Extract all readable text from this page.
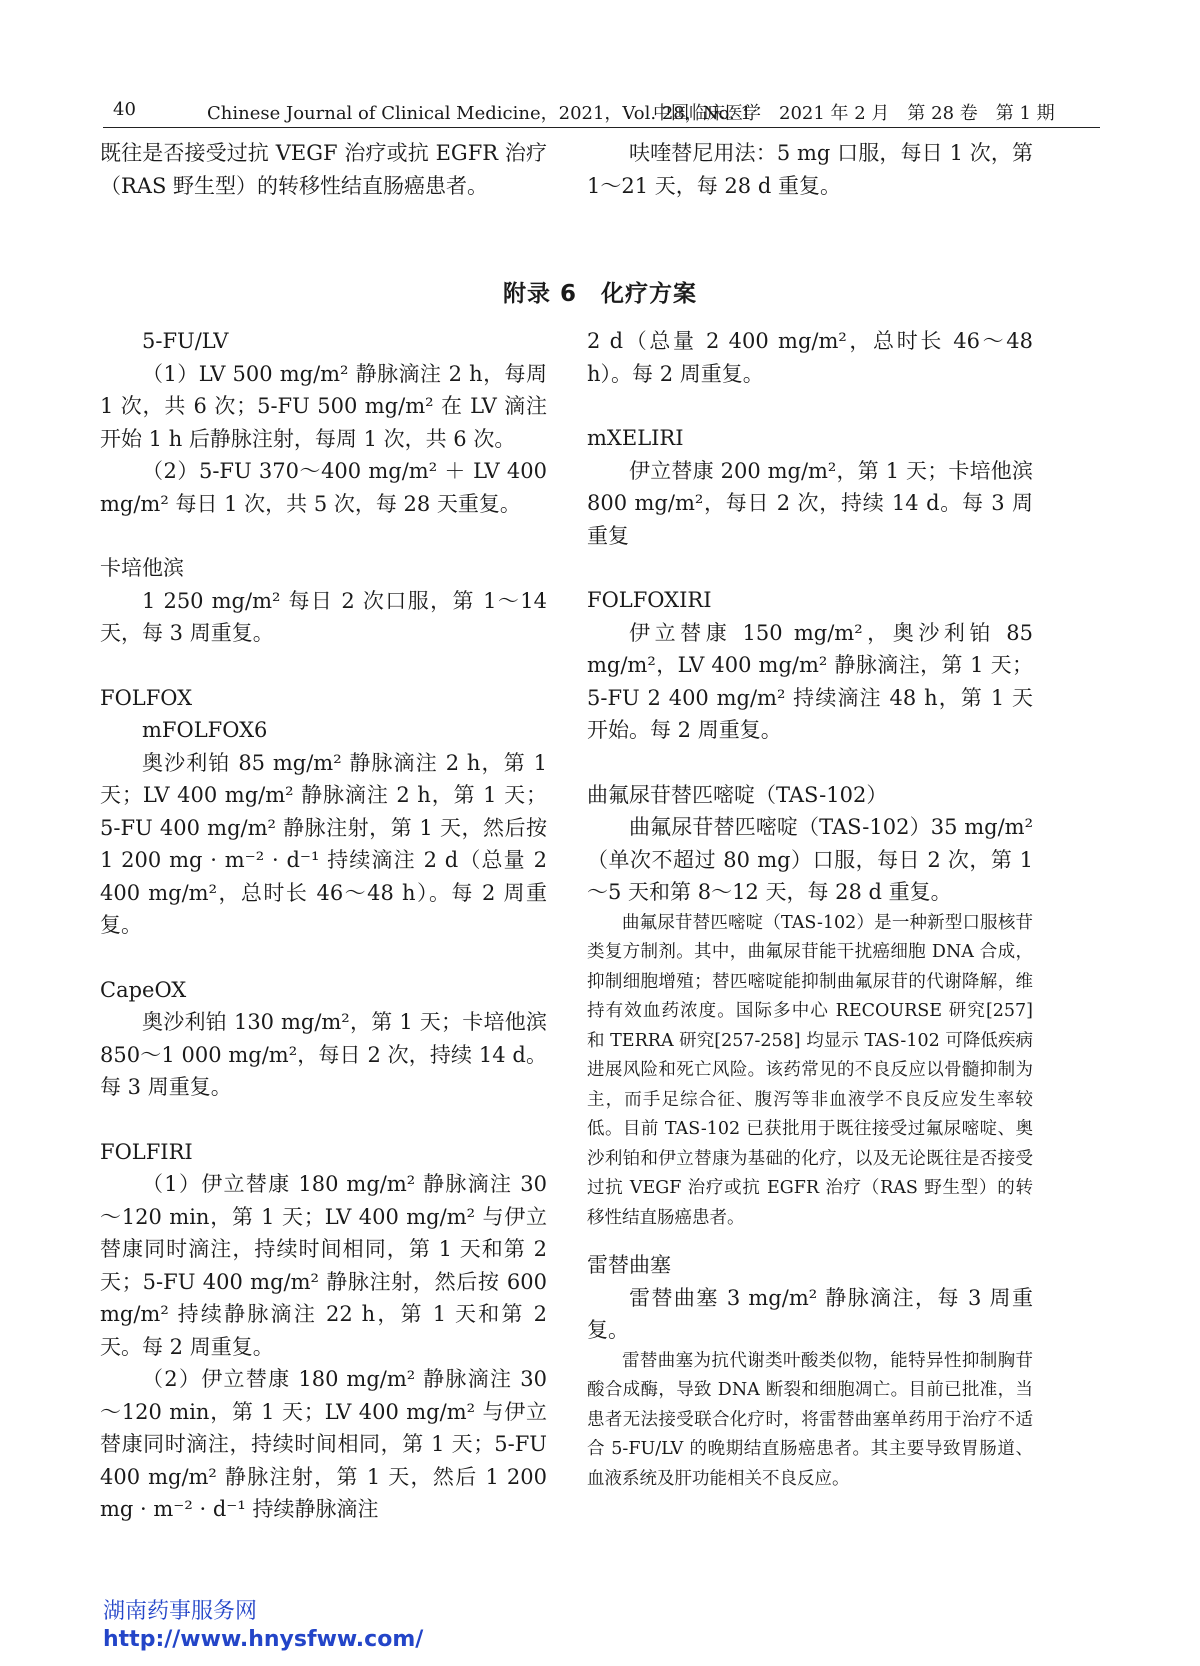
40	Chinese Journal of Clinical Medicine，2021，Vol. 28，No. 1
中国临床医学　2021 年 2 月　第 28 卷　第 1 期

既往是否接受过抗 VEGF 治疗或抗 EGFR 治疗（RAS 野生型）的转移性结直肠癌患者。

呋喹替尼用法：5 mg 口服，每日 1 次，第 1～21 天，每 28 d 重复。

附录 6　化疗方案

5-FU/LV

（1）LV 500 mg/m² 静脉滴注 2 h，每周 1 次，共 6 次；5-FU 500 mg/m² 在 LV 滴注开始 1 h 后静脉注射，每周 1 次，共 6 次。

（2）5-FU 370～400 mg/m² ＋ LV 400 mg/m² 每日 1 次，共 5 次，每 28 天重复。

卡培他滨

1 250 mg/m² 每日 2 次口服，第 1～14 天，每 3 周重复。

FOLFOX

mFOLFOX6

奥沙利铂 85 mg/m² 静脉滴注 2 h，第 1 天；LV 400 mg/m² 静脉滴注 2 h，第 1 天；5-FU 400 mg/m² 静脉注射，第 1 天，然后按 1 200 mg · m⁻² · d⁻¹ 持续滴注 2 d（总量 2 400 mg/m²，总时长 46～48 h）。每 2 周重复。

CapeOX

奥沙利铂 130 mg/m²，第 1 天；卡培他滨 850～1 000 mg/m²，每日 2 次，持续 14 d。每 3 周重复。

FOLFIRI

（1）伊立替康 180 mg/m² 静脉滴注 30～120 min，第 1 天；LV 400 mg/m² 与伊立替康同时滴注，持续时间相同，第 1 天和第 2 天；5-FU 400 mg/m² 静脉注射，然后按 600 mg/m² 持续静脉滴注 22 h，第 1 天和第 2 天。每 2 周重复。

（2）伊立替康 180 mg/m² 静脉滴注 30～120 min，第 1 天；LV 400 mg/m² 与伊立替康同时滴注，持续时间相同，第 1 天；5-FU 400 mg/m² 静脉注射，第 1 天，然后 1 200 mg · m⁻² · d⁻¹ 持续静脉滴注

2 d（总量 2 400 mg/m²，总时长 46～48 h）。每 2 周重复。

mXELIRI

伊立替康 200 mg/m²，第 1 天；卡培他滨 800 mg/m²，每日 2 次，持续 14 d。每 3 周重复

FOLFOXIRI

伊立替康 150 mg/m²，奥沙利铂 85 mg/m²，LV 400 mg/m² 静脉滴注，第 1 天；5-FU 2 400 mg/m² 持续滴注 48 h，第 1 天开始。每 2 周重复。

曲氟尿苷替匹嘧啶（TAS-102）

曲氟尿苷替匹嘧啶（TAS-102）35 mg/m²（单次不超过 80 mg）口服，每日 2 次，第 1～5 天和第 8～12 天，每 28 d 重复。

曲氟尿苷替匹嘧啶（TAS-102）是一种新型口服核苷类复方制剂。其中，曲氟尿苷能干扰癌细胞 DNA 合成，抑制细胞增殖；替匹嘧啶能抑制曲氟尿苷的代谢降解，维持有效血药浓度。国际多中心 RECOURSE 研究[257] 和 TERRA 研究[257-258] 均显示 TAS-102 可降低疾病进展风险和死亡风险。该药常见的不良反应以骨髓抑制为主，而手足综合征、腹泻等非血液学不良反应发生率较低。目前 TAS-102 已获批用于既往接受过氟尿嘧啶、奥沙利铂和伊立替康为基础的化疗，以及无论既往是否接受过抗 VEGF 治疗或抗 EGFR 治疗（RAS 野生型）的转移性结直肠癌患者。

雷替曲塞

雷替曲塞 3 mg/m² 静脉滴注，每 3 周重复。

雷替曲塞为抗代谢类叶酸类似物，能特异性抑制胸苷酸合成酶，导致 DNA 断裂和细胞凋亡。目前已批准，当患者无法接受联合化疗时，将雷替曲塞单药用于治疗不适合 5-FU/LV 的晚期结直肠癌患者。其主要导致胃肠道、血液系统及肝功能相关不良反应。

湖南药事服务网
http://www.hnysfww.com/
